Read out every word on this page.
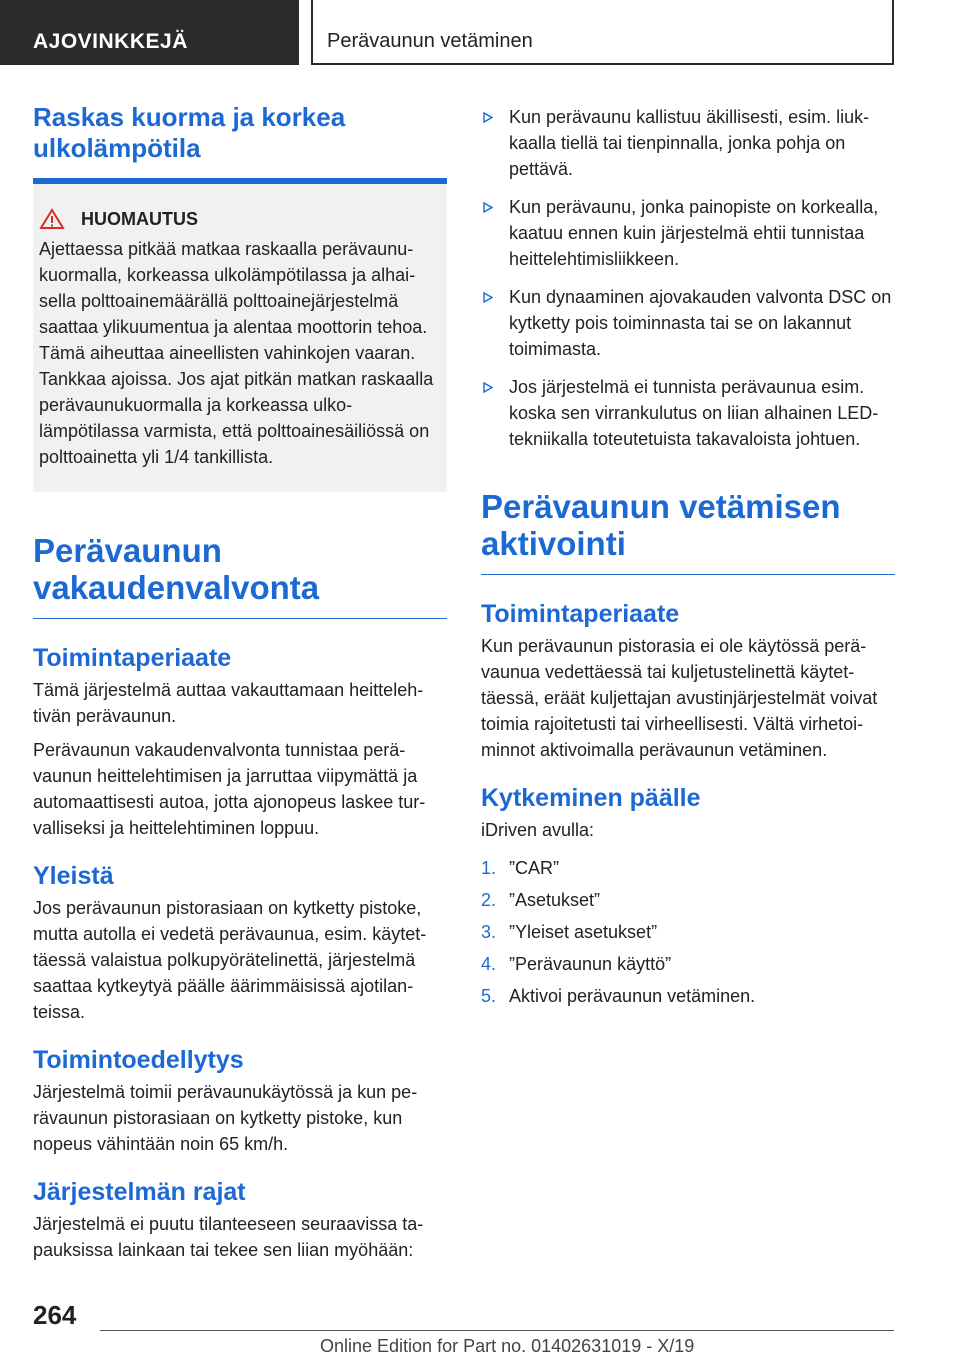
AJOVINKKEJÄ	Perävaunun vetäminen
Raskas kuorma ja korkea ulkolämpötila
HUOMAUTUS
Ajettaessa pitkää matkaa raskaalla perävaunukuormalla, korkeassa ulkolämpötilassa ja alhaisella polttoainemäärällä polttoainejärjestelmä saattaa ylikuumentua ja alentaa moottorin tehoa. Tämä aiheuttaa aineellisten vahinkojen vaaran. Tankkaa ajoissa. Jos ajat pitkän matkan raskaalla perävaunukuormalla ja korkeassa ulkolämpötilassa varmista, että polttoainesäiliössä on polttoainetta yli 1/4 tankillista.
Perävaunun vakaudenvalvonta
Toimintaperiaate

Tämä järjestelmä auttaa vakauttamaan heittelehtivän perävaunun.

Perävaunun vakaudenvalvonta tunnistaa perävaunun heittelehtimisen ja jarruttaa viipymättä ja automaattisesti autoa, jotta ajonopeus laskee turvalliseksi ja heittelehtiminen loppuu.

Yleistä

Jos perävaunun pistorasiaan on kytketty pistoke, mutta autolla ei vedetä perävaunua, esim. käytettäessä valaistua polkupyörätelinettä, järjestelmä saattaa kytkeytyä päälle äärimmäisissä ajotilanteissa.

Toimintoedellytys

Järjestelmä toimii perävaunukäytössä ja kun perävaunun pistorasiaan on kytketty pistoke, kun nopeus vähintään noin 65 km/h.

Järjestelmän rajat

Järjestelmä ei puutu tilanteeseen seuraavissa tapauksissa lainkaan tai tekee sen liian myöhään:

Kun perävaunu kallistuu äkillisesti, esim. liukkaalla tiellä tai tienpinnalla, jonka pohja on pettävä.
Kun perävaunu, jonka painopiste on korkealla, kaatuu ennen kuin järjestelmä ehtii tunnistaa heittelehtimisliikkeen.
Kun dynaaminen ajovakauden valvonta DSC on kytketty pois toiminnasta tai se on lakannut toimimasta.
Jos järjestelmä ei tunnista perävaunua esim. koska sen virrankulutus on liian alhainen LED-tekniikalla toteutetuista takavaloista johtuen.
Perävaunun vetämisen aktivointi
Toimintaperiaate

Kun perävaunun pistorasia ei ole käytössä perävaunua vedettäessä tai kuljetustelinettä käytettäessä, eräät kuljettajan avustinjärjestelmät voivat toimia rajoitetusti tai virheellisesti. Vältä virhetoiminnot aktivoimalla perävaunun vetäminen.

Kytkeminen päälle

iDriven avulla:

1. ”CAR”
2. ”Asetukset”
3. ”Yleiset asetukset”
4. ”Perävaunun käyttö”
5. Aktivoi perävaunun vetäminen.
264
Online Edition for Part no. 01402631019 - X/19
